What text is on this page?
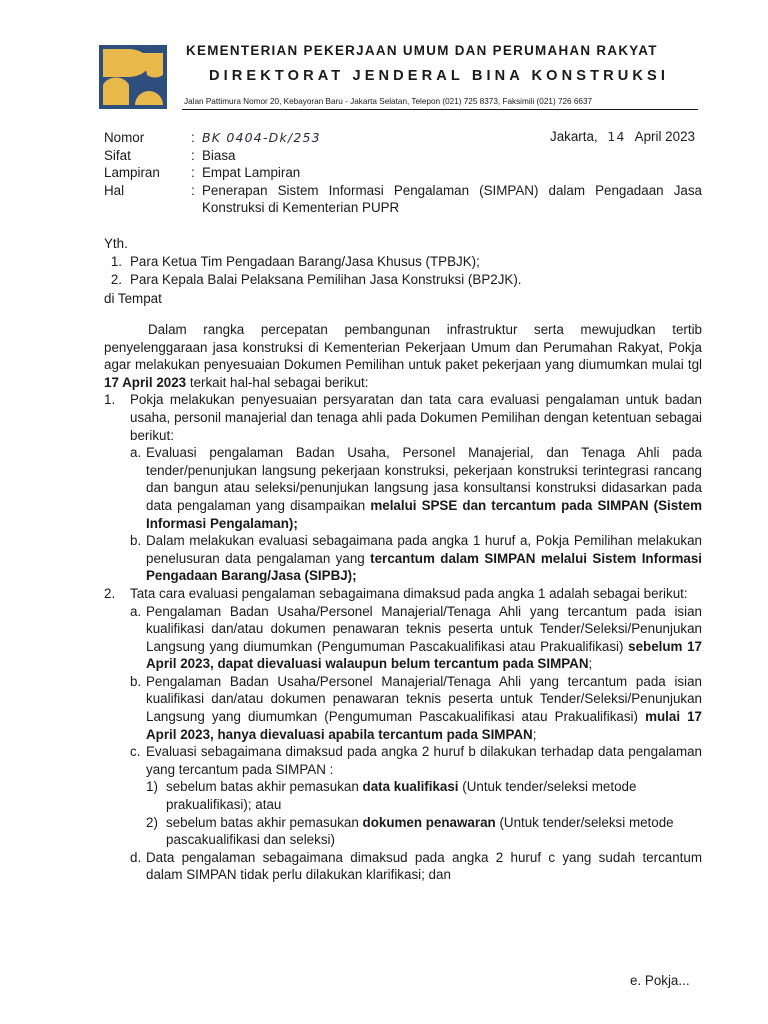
KEMENTERIAN PEKERJAAN UMUM DAN PERUMAHAN RAKYAT
DIREKTORAT JENDERAL BINA KONSTRUKSI
Jalan Pattimura Nomor 20, Kebayoran Baru - Jakarta Selatan, Telepon (021) 725 8373, Faksimili (021) 726 6637
Nomor	: BK 0404-Dk/253
Sifat	: Biasa
Lampiran	: Empat Lampiran
Hal	: Penerapan Sistem Informasi Pengalaman (SIMPAN) dalam Pengadaan Jasa Konstruksi di Kementerian PUPR
Jakarta, 14 April 2023
Yth.
1. Para Ketua Tim Pengadaan Barang/Jasa Khusus (TPBJK);
2. Para Kepala Balai Pelaksana Pemilihan Jasa Konstruksi (BP2JK).
di Tempat
Dalam rangka percepatan pembangunan infrastruktur serta mewujudkan tertib penyelenggaraan jasa konstruksi di Kementerian Pekerjaan Umum dan Perumahan Rakyat, Pokja agar melakukan penyesuaian Dokumen Pemilihan untuk paket pekerjaan yang diumumkan mulai tgl 17 April 2023 terkait hal-hal sebagai berikut:
1.	Pokja melakukan penyesuaian persyaratan dan tata cara evaluasi pengalaman untuk badan usaha, personil manajerial dan tenaga ahli pada Dokumen Pemilihan dengan ketentuan sebagai berikut:
a. Evaluasi pengalaman Badan Usaha, Personel Manajerial, dan Tenaga Ahli pada tender/penunjukan langsung pekerjaan konstruksi, pekerjaan konstruksi terintegrasi rancang dan bangun atau seleksi/penunjukan langsung jasa konsultansi konstruksi didasarkan pada data pengalaman yang disampaikan melalui SPSE dan tercantum pada SIMPAN (Sistem Informasi Pengalaman);
b. Dalam melakukan evaluasi sebagaimana pada angka 1 huruf a, Pokja Pemilihan melakukan penelusuran data pengalaman yang tercantum dalam SIMPAN melalui Sistem Informasi Pengadaan Barang/Jasa (SIPBJ);
2.	Tata cara evaluasi pengalaman sebagaimana dimaksud pada angka 1 adalah sebagai berikut:
a. Pengalaman Badan Usaha/Personel Manajerial/Tenaga Ahli yang tercantum pada isian kualifikasi dan/atau dokumen penawaran teknis peserta untuk Tender/Seleksi/Penunjukan Langsung yang diumumkan (Pengumuman Pascakualifikasi atau Prakualifikasi) sebelum 17 April 2023, dapat dievaluasi walaupun belum tercantum pada SIMPAN;
b. Pengalaman Badan Usaha/Personel Manajerial/Tenaga Ahli yang tercantum pada isian kualifikasi dan/atau dokumen penawaran teknis peserta untuk Tender/Seleksi/Penunjukan Langsung yang diumumkan (Pengumuman Pascakualifikasi atau Prakualifikasi) mulai 17 April 2023, hanya dievaluasi apabila tercantum pada SIMPAN;
c. Evaluasi sebagaimana dimaksud pada angka 2 huruf b dilakukan terhadap data pengalaman yang tercantum pada SIMPAN :
1) sebelum batas akhir pemasukan data kualifikasi (Untuk tender/seleksi metode prakualifikasi); atau
2) sebelum batas akhir pemasukan dokumen penawaran (Untuk tender/seleksi metode pascakualifikasi dan seleksi)
d. Data pengalaman sebagaimana dimaksud pada angka 2 huruf c yang sudah tercantum dalam SIMPAN tidak perlu dilakukan klarifikasi; dan
e. Pokja...
